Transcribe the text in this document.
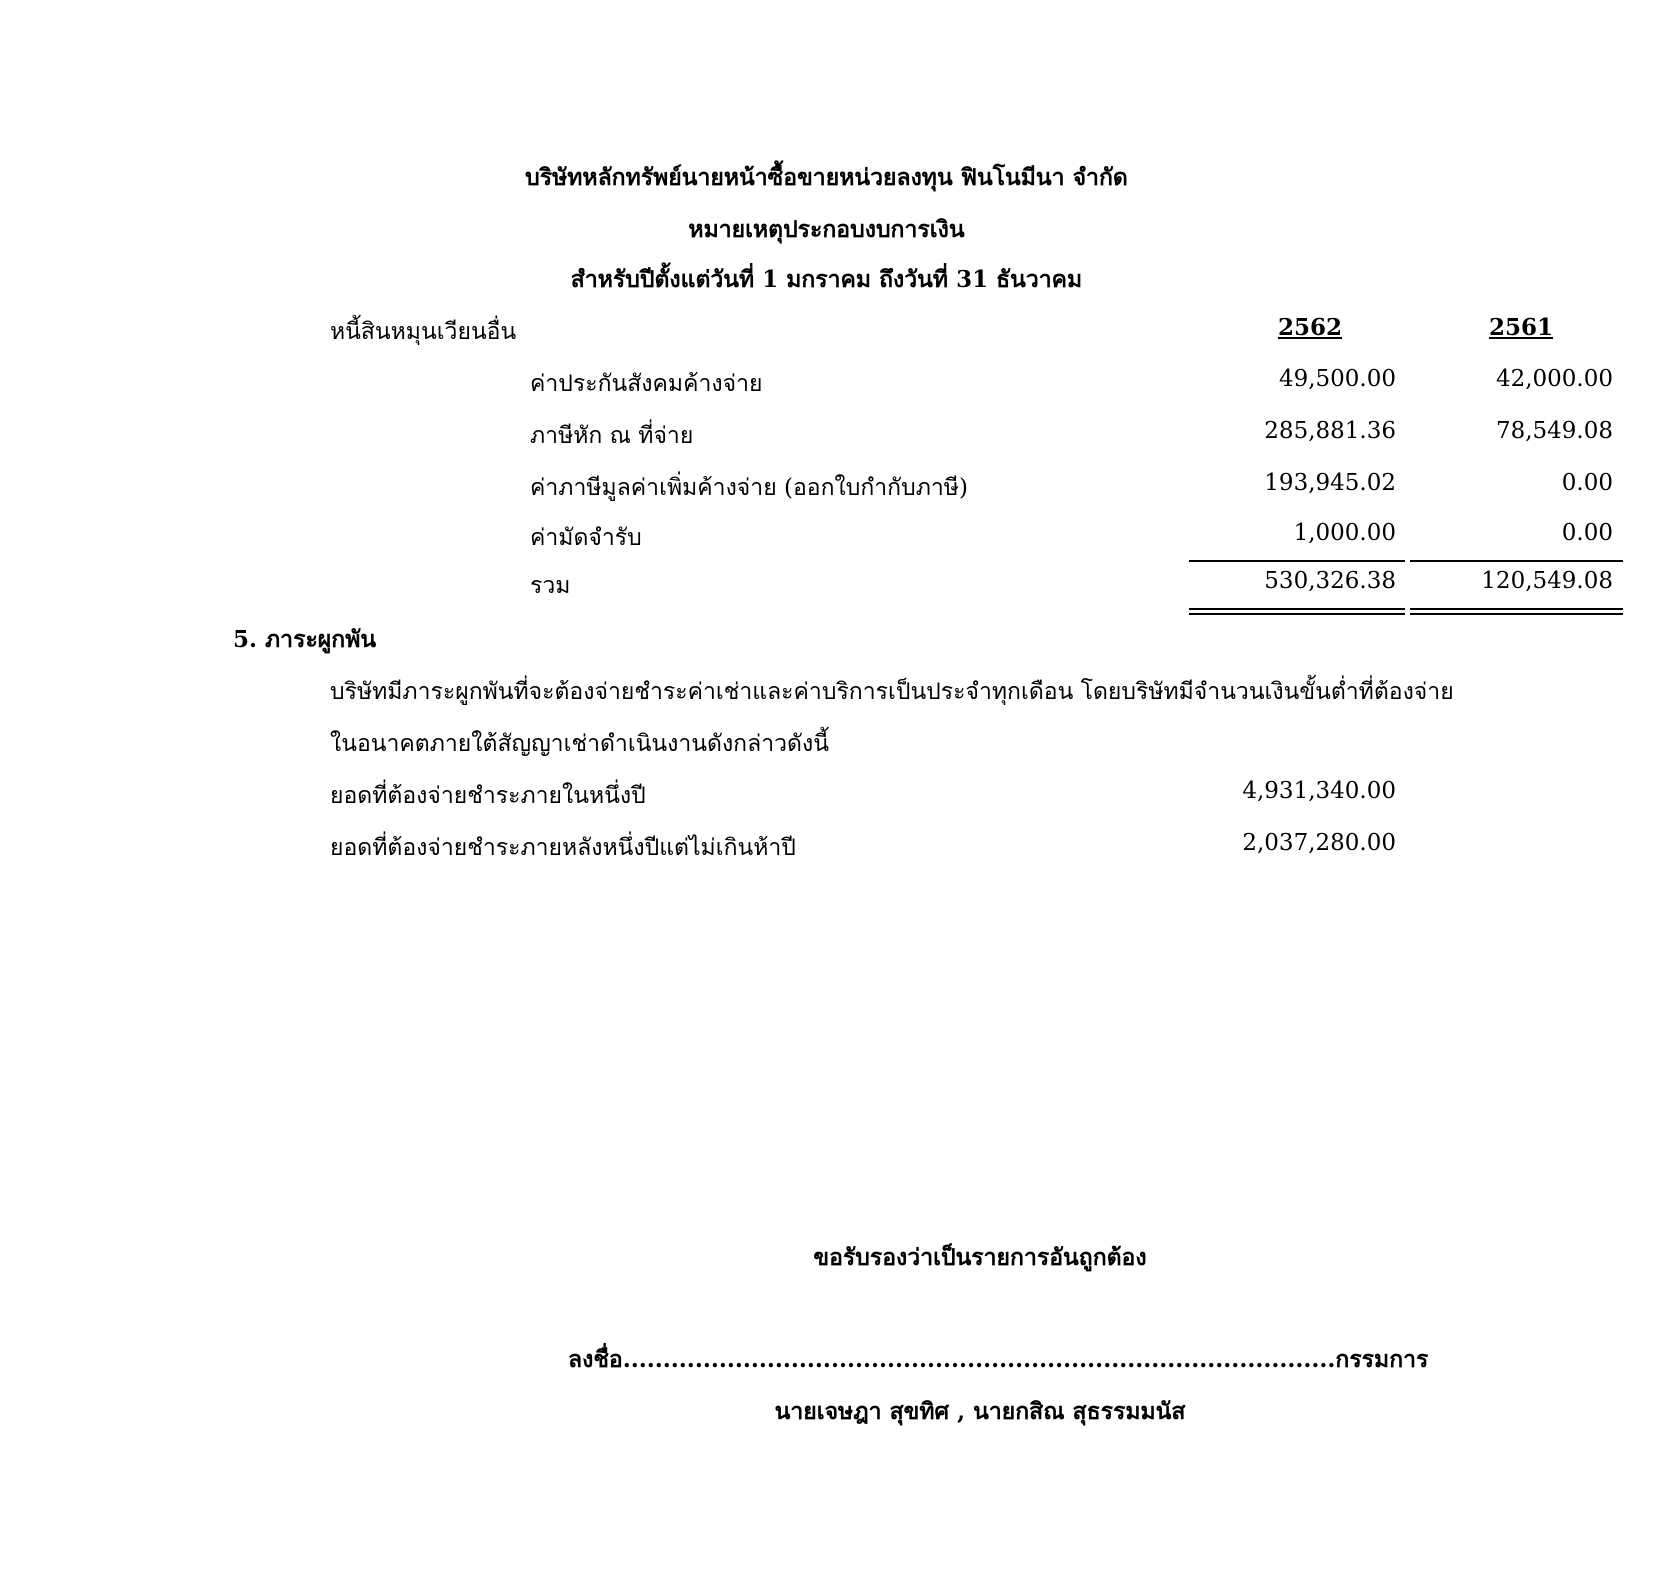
บริษัทหลักทรัพย์นายหน้าซื้อขายหน่วยลงทุน ฟินโนมีนา จำกัด
หมายเหตุประกอบงบการเงิน
สำหรับปีตั้งแต่วันที่ 1 มกราคม ถึงวันที่ 31 ธันวาคม
หนี้สินหมุนเวียนอื่น	2562	2561
ค่าประกันสังคมค้างจ่าย	49,500.00	42,000.00
ภาษีหัก ณ ที่จ่าย	285,881.36	78,549.08
ค่าภาษีมูลค่าเพิ่มค้างจ่าย (ออกใบกำกับภาษี)	193,945.02	0.00
ค่ามัดจำรับ	1,000.00	0.00
รวม	530,326.38	120,549.08
5. ภาระผูกพัน
บริษัทมีภาระผูกพันที่จะต้องจ่ายชำระค่าเช่าและค่าบริการเป็นประจำทุกเดือน โดยบริษัทมีจำนวนเงินขั้นต่ำที่ต้องจ่าย
ในอนาคตภายใต้สัญญาเช่าดำเนินงานดังกล่าวดังนี้
ยอดที่ต้องจ่ายชำระภายในหนึ่งปี	4,931,340.00
ยอดที่ต้องจ่ายชำระภายหลังหนึ่งปีแต่ไม่เกินห้าปี	2,037,280.00
ขอรับรองว่าเป็นรายการอันถูกต้อง
ลงชื่อ.........................................................................................กรรมการ
นายเจษฎา สุขทิศ , นายกสิณ สุธรรมมนัส
